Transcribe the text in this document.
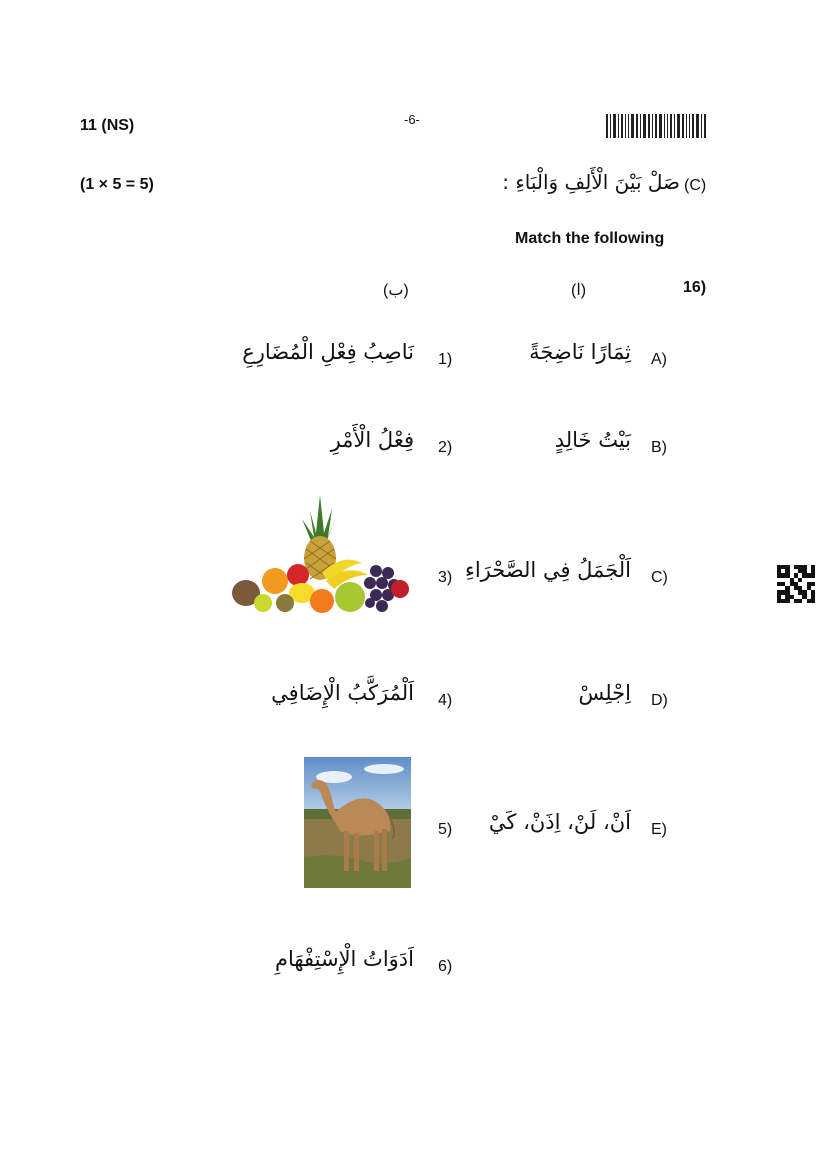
11 (NS)	-6-
(1 × 5 = 5)	صَلْ بَيْنَ الْأَلِفِ وَالْبَاءِ : (C)
Match the following
16)
(ا)
(ب)
A)
ثِمَارًا نَاضِجَةً
B)
بَيْتُ خَالِدٍ
C)
اَلْجَمَلُ فِي الصَّحْرَاءِ
D)
اِجْلِسْ
E)
اَنْ، لَنْ، اِذَنْ، كَيْ
1)
نَاصِبُ فِعْلِ الْمُضَارِعِ
2)
فِعْلُ الْأَمْرِ
3)
4)
اَلْمُرَكَّبُ الْإِضَافِي
5)
6)
اَدَوَاتُ الْإِسْتِفْهَامِ
